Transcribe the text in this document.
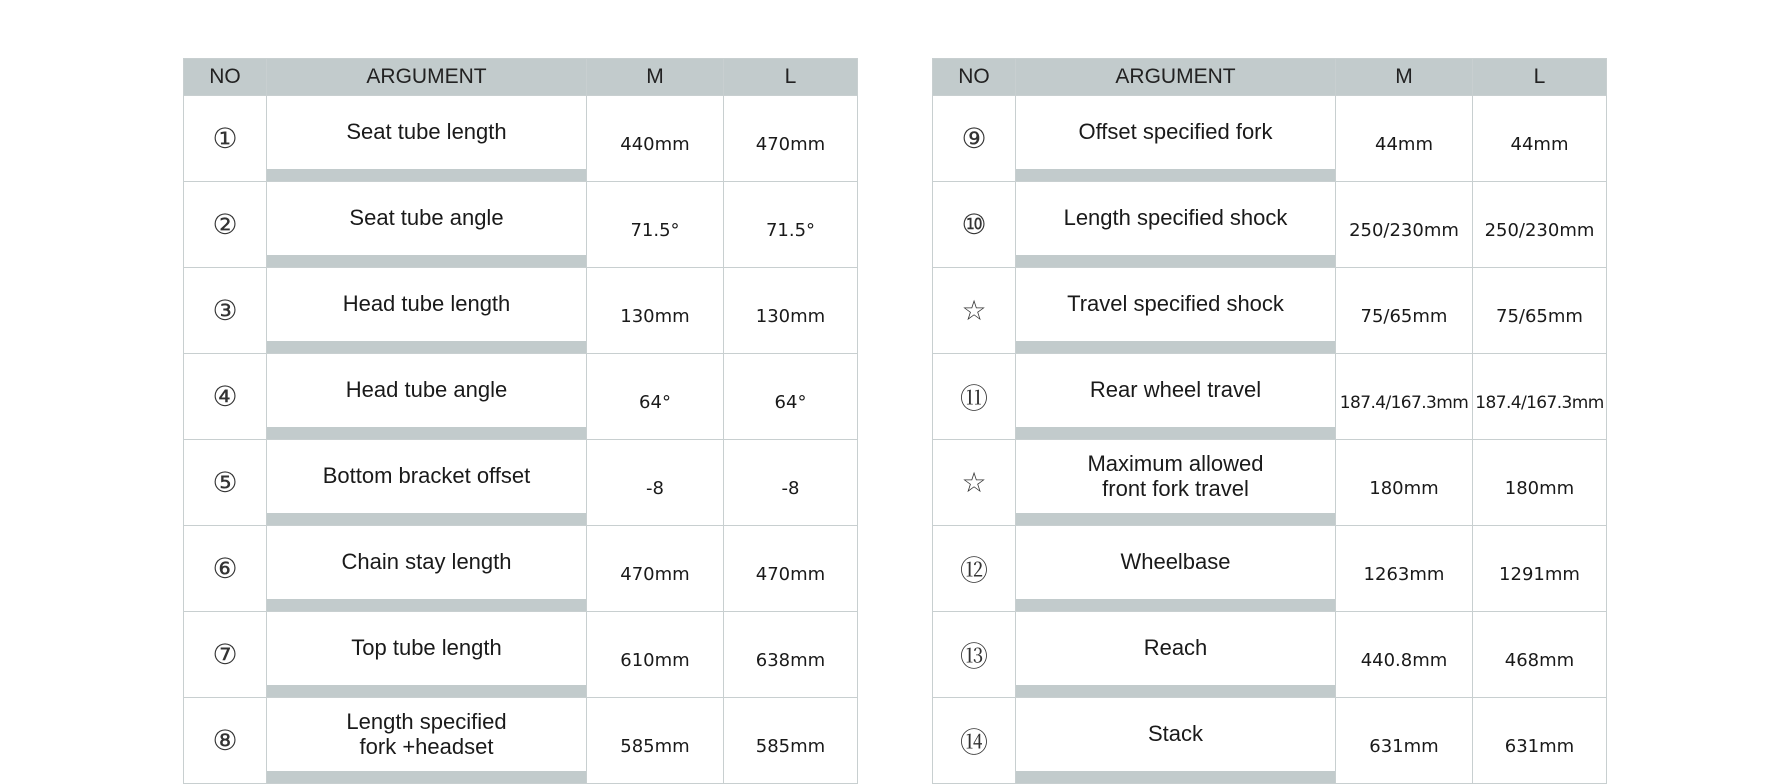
NO	ARGUMENT	M	L
①	Seat tube length	440mm	470mm
②	Seat tube angle	71.5°	71.5°
③	Head tube length	130mm	130mm
④	Head tube angle	64°	64°
⑤	Bottom bracket offset	-8	-8
⑥	Chain stay length	470mm	470mm
⑦	Top tube length	610mm	638mm
⑧	Length specified
fork +headset	585mm	585mm
NO	ARGUMENT	M	L
⑨	Offset specified fork	44mm	44mm
⑩	Length specified shock	250/230mm	250/230mm
☆	Travel specified shock	75/65mm	75/65mm
⑪	Rear wheel travel	187.4/167.3mm	187.4/167.3mm
☆	Maximum allowed
front fork travel	180mm	180mm
⑫	Wheelbase	1263mm	1291mm
⑬	Reach	440.8mm	468mm
⑭	Stack	631mm	631mm
